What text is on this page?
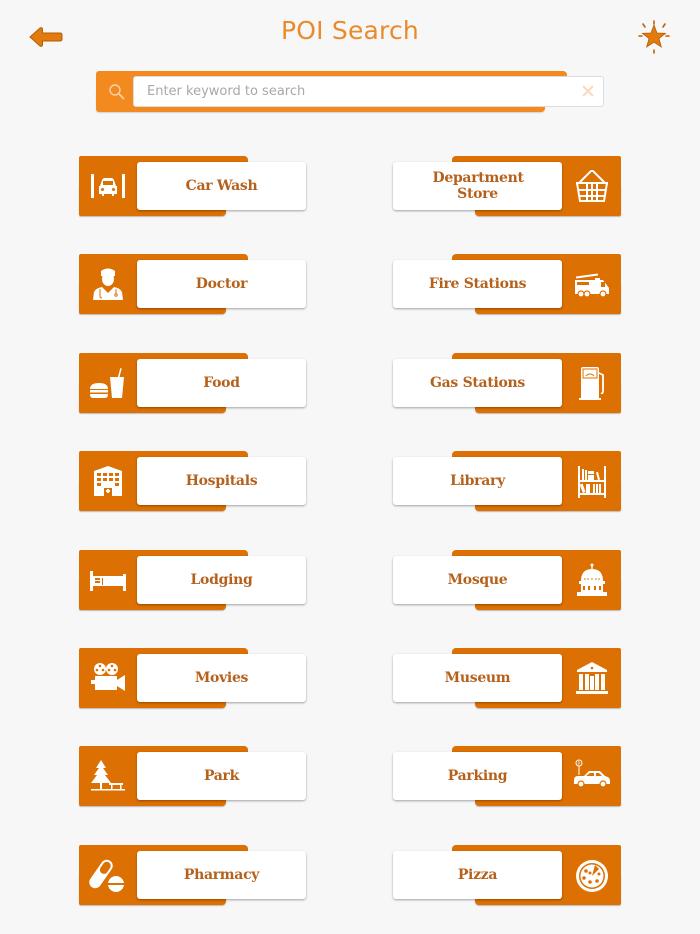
POI Search
Enter keyword to search
Car Wash	Department Store
Doctor	Fire Stations
Food	Gas Stations
Hospitals	Library
Lodging	Mosque
Movies	Museum
Park
P
Parking
Pharmacy	Pizza
